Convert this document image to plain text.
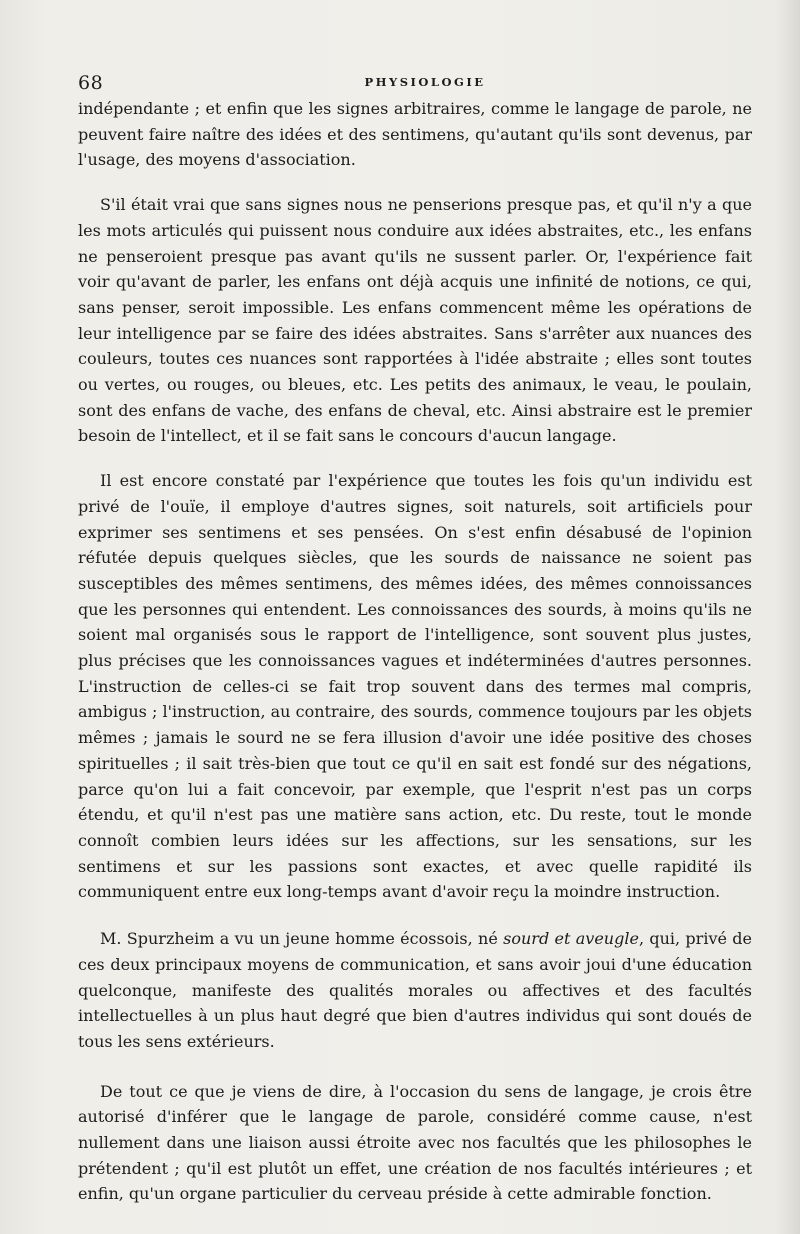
68	PHYSIOLOGIE

indépendante ; et enfin que les signes arbitraires, comme le langage de parole, ne peuvent faire naître des idées et des sentimens, qu'autant qu'ils sont devenus, par l'usage, des moyens d'association.

S'il était vrai que sans signes nous ne penserions presque pas, et qu'il n'y a que les mots articulés qui puissent nous conduire aux idées abstraites, etc., les enfans ne penseroient presque pas avant qu'ils ne sussent parler. Or, l'expérience fait voir qu'avant de parler, les enfans ont déjà acquis une infinité de notions, ce qui, sans penser, seroit impossible. Les enfans commencent même les opérations de leur intelligence par se faire des idées abstraites. Sans s'arrêter aux nuances des couleurs, toutes ces nuances sont rapportées à l'idée abstraite ; elles sont toutes ou vertes, ou rouges, ou bleues, etc. Les petits des animaux, le veau, le poulain, sont des enfans de vache, des enfans de cheval, etc. Ainsi abstraire est le premier besoin de l'intellect, et il se fait sans le concours d'aucun langage.

Il est encore constaté par l'expérience que toutes les fois qu'un individu est privé de l'ouïe, il employe d'autres signes, soit naturels, soit artificiels pour exprimer ses sentimens et ses pensées. On s'est enfin désabusé de l'opinion réfutée depuis quelques siècles, que les sourds de naissance ne soient pas susceptibles des mêmes sentimens, des mêmes idées, des mêmes connoissances que les personnes qui entendent. Les connoissances des sourds, à moins qu'ils ne soient mal organisés sous le rapport de l'intelligence, sont souvent plus justes, plus précises que les connoissances vagues et indéterminées d'autres personnes. L'instruction de celles-ci se fait trop souvent dans des termes mal compris, ambigus ; l'instruction, au contraire, des sourds, commence toujours par les objets mêmes ; jamais le sourd ne se fera illusion d'avoir une idée positive des choses spirituelles ; il sait très-bien que tout ce qu'il en sait est fondé sur des négations, parce qu'on lui a fait concevoir, par exemple, que l'esprit n'est pas un corps étendu, et qu'il n'est pas une matière sans action, etc. Du reste, tout le monde connoît combien leurs idées sur les affections, sur les sensations, sur les sentimens et sur les passions sont exactes, et avec quelle rapidité ils communiquent entre eux long-temps avant d'avoir reçu la moindre instruction.

M. Spurzheim a vu un jeune homme écossois, né sourd et aveugle, qui, privé de ces deux principaux moyens de communication, et sans avoir joui d'une éducation quelconque, manifeste des qualités morales ou affectives et des facultés intellectuelles à un plus haut degré que bien d'autres individus qui sont doués de tous les sens extérieurs.

De tout ce que je viens de dire, à l'occasion du sens de langage, je crois être autorisé d'inférer que le langage de parole, considéré comme cause, n'est nullement dans une liaison aussi étroite avec nos facultés que les philosophes le prétendent ; qu'il est plutôt un effet, une création de nos facultés intérieures ; et enfin, qu'un organe particulier du cerveau préside à cette admirable fonction.
